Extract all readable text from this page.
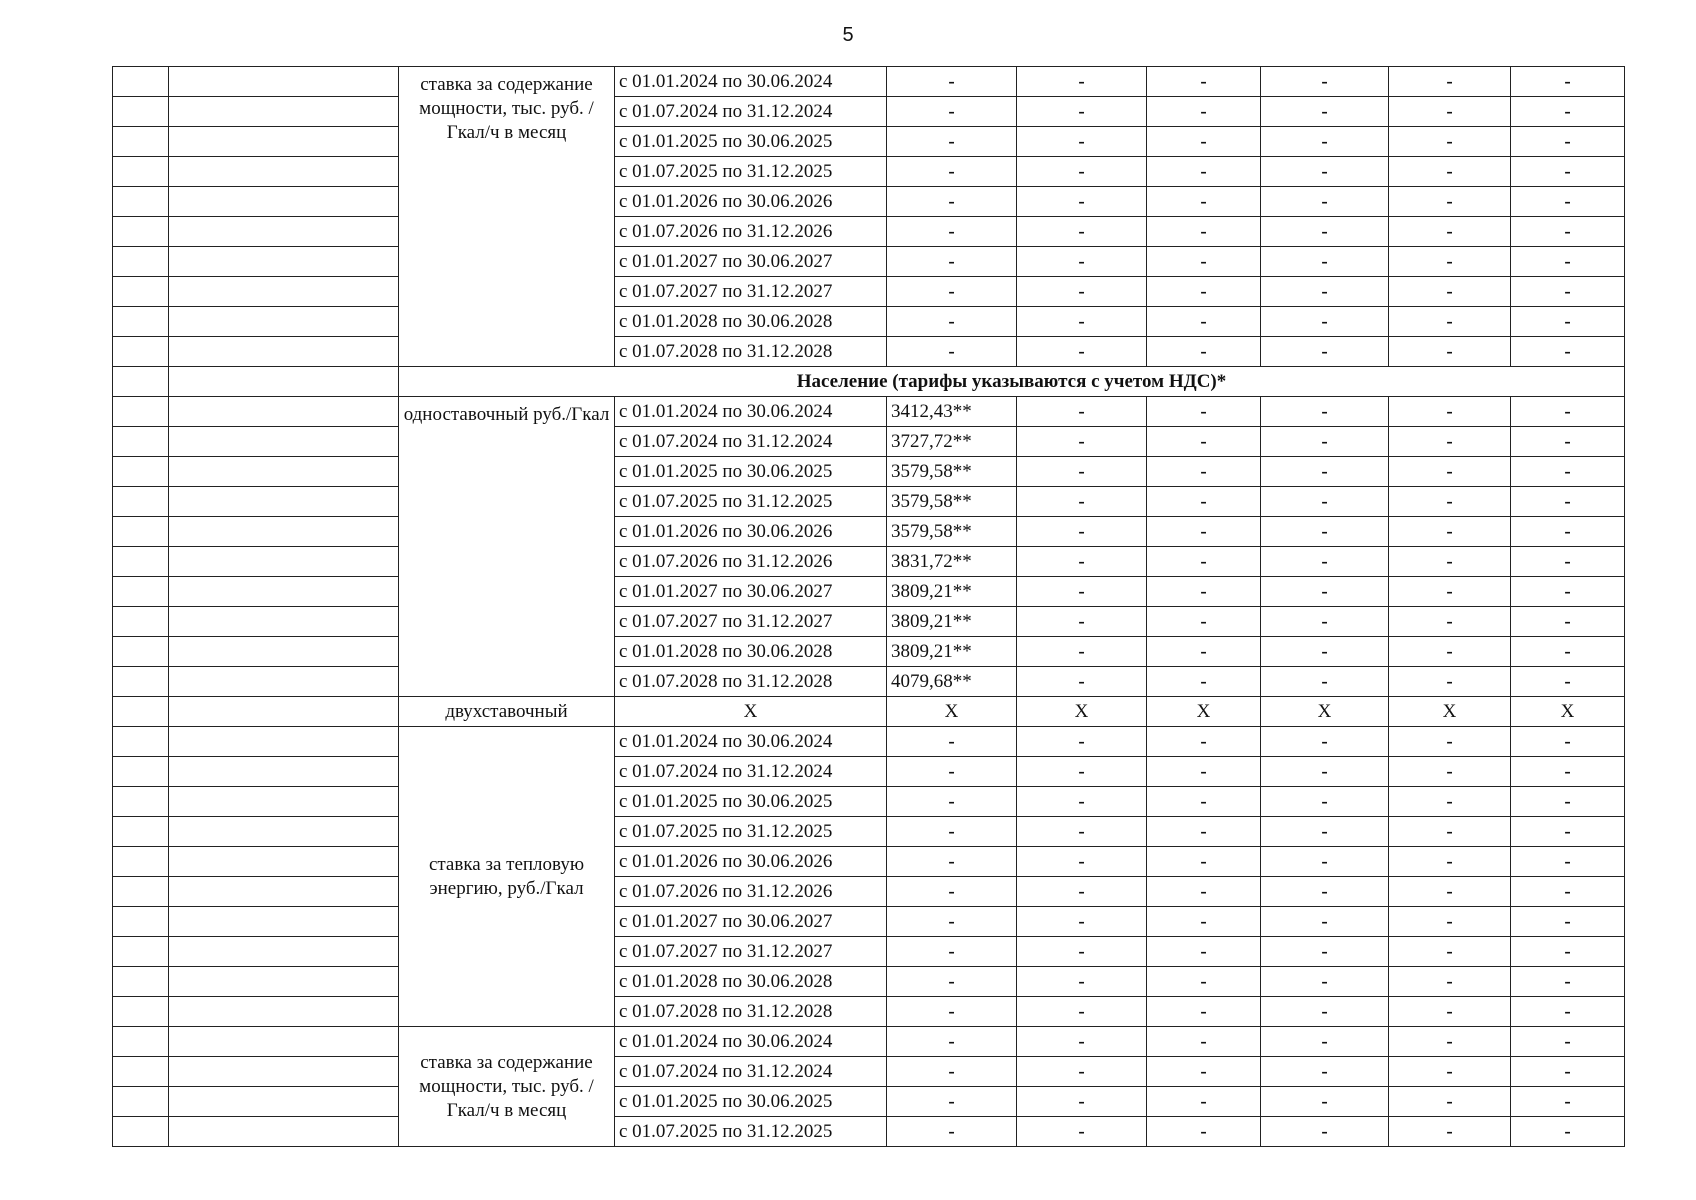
5
		ставка за содержание мощности, тыс. руб. /Гкал/ч в месяц	с 01.01.2024 по 30.06.2024	-	-	-	-	-	-
			с 01.07.2024 по 31.12.2024	-	-	-	-	-	-
			с 01.01.2025 по 30.06.2025	-	-	-	-	-	-
			с 01.07.2025 по 31.12.2025	-	-	-	-	-	-
			с 01.01.2026 по 30.06.2026	-	-	-	-	-	-
			с 01.07.2026 по 31.12.2026	-	-	-	-	-	-
			с 01.01.2027 по 30.06.2027	-	-	-	-	-	-
			с 01.07.2027 по 31.12.2027	-	-	-	-	-	-
			с 01.01.2028 по 30.06.2028	-	-	-	-	-	-
			с 01.07.2028 по 31.12.2028	-	-	-	-	-	-
		Население (тарифы указываются с учетом НДС)*							
		одноставочный руб./Гкал	с 01.01.2024 по 30.06.2024	3412,43**	-	-	-	-	-
			с 01.07.2024 по 31.12.2024	3727,72**	-	-	-	-	-
			с 01.01.2025 по 30.06.2025	3579,58**	-	-	-	-	-
			с 01.07.2025 по 31.12.2025	3579,58**	-	-	-	-	-
			с 01.01.2026 по 30.06.2026	3579,58**	-	-	-	-	-
			с 01.07.2026 по 31.12.2026	3831,72**	-	-	-	-	-
			с 01.01.2027 по 30.06.2027	3809,21**	-	-	-	-	-
			с 01.07.2027 по 31.12.2027	3809,21**	-	-	-	-	-
			с 01.01.2028 по 30.06.2028	3809,21**	-	-	-	-	-
			с 01.07.2028 по 31.12.2028	4079,68**	-	-	-	-	-
		двухставочный	X	X	X	X	X	X	X
		ставка за тепловую энергию, руб./Гкал	с 01.01.2024 по 30.06.2024	-	-	-	-	-	-
			с 01.07.2024 по 31.12.2024	-	-	-	-	-	-
			с 01.01.2025 по 30.06.2025	-	-	-	-	-	-
			с 01.07.2025 по 31.12.2025	-	-	-	-	-	-
			с 01.01.2026 по 30.06.2026	-	-	-	-	-	-
			с 01.07.2026 по 31.12.2026	-	-	-	-	-	-
			с 01.01.2027 по 30.06.2027	-	-	-	-	-	-
			с 01.07.2027 по 31.12.2027	-	-	-	-	-	-
			с 01.01.2028 по 30.06.2028	-	-	-	-	-	-
			с 01.07.2028 по 31.12.2028	-	-	-	-	-	-
		ставка за содержание мощности, тыс. руб. /Гкал/ч в месяц	с 01.01.2024 по 30.06.2024	-	-	-	-	-	-
			с 01.07.2024 по 31.12.2024	-	-	-	-	-	-
			с 01.01.2025 по 30.06.2025	-	-	-	-	-	-
			с 01.07.2025 по 31.12.2025	-	-	-	-	-	-
